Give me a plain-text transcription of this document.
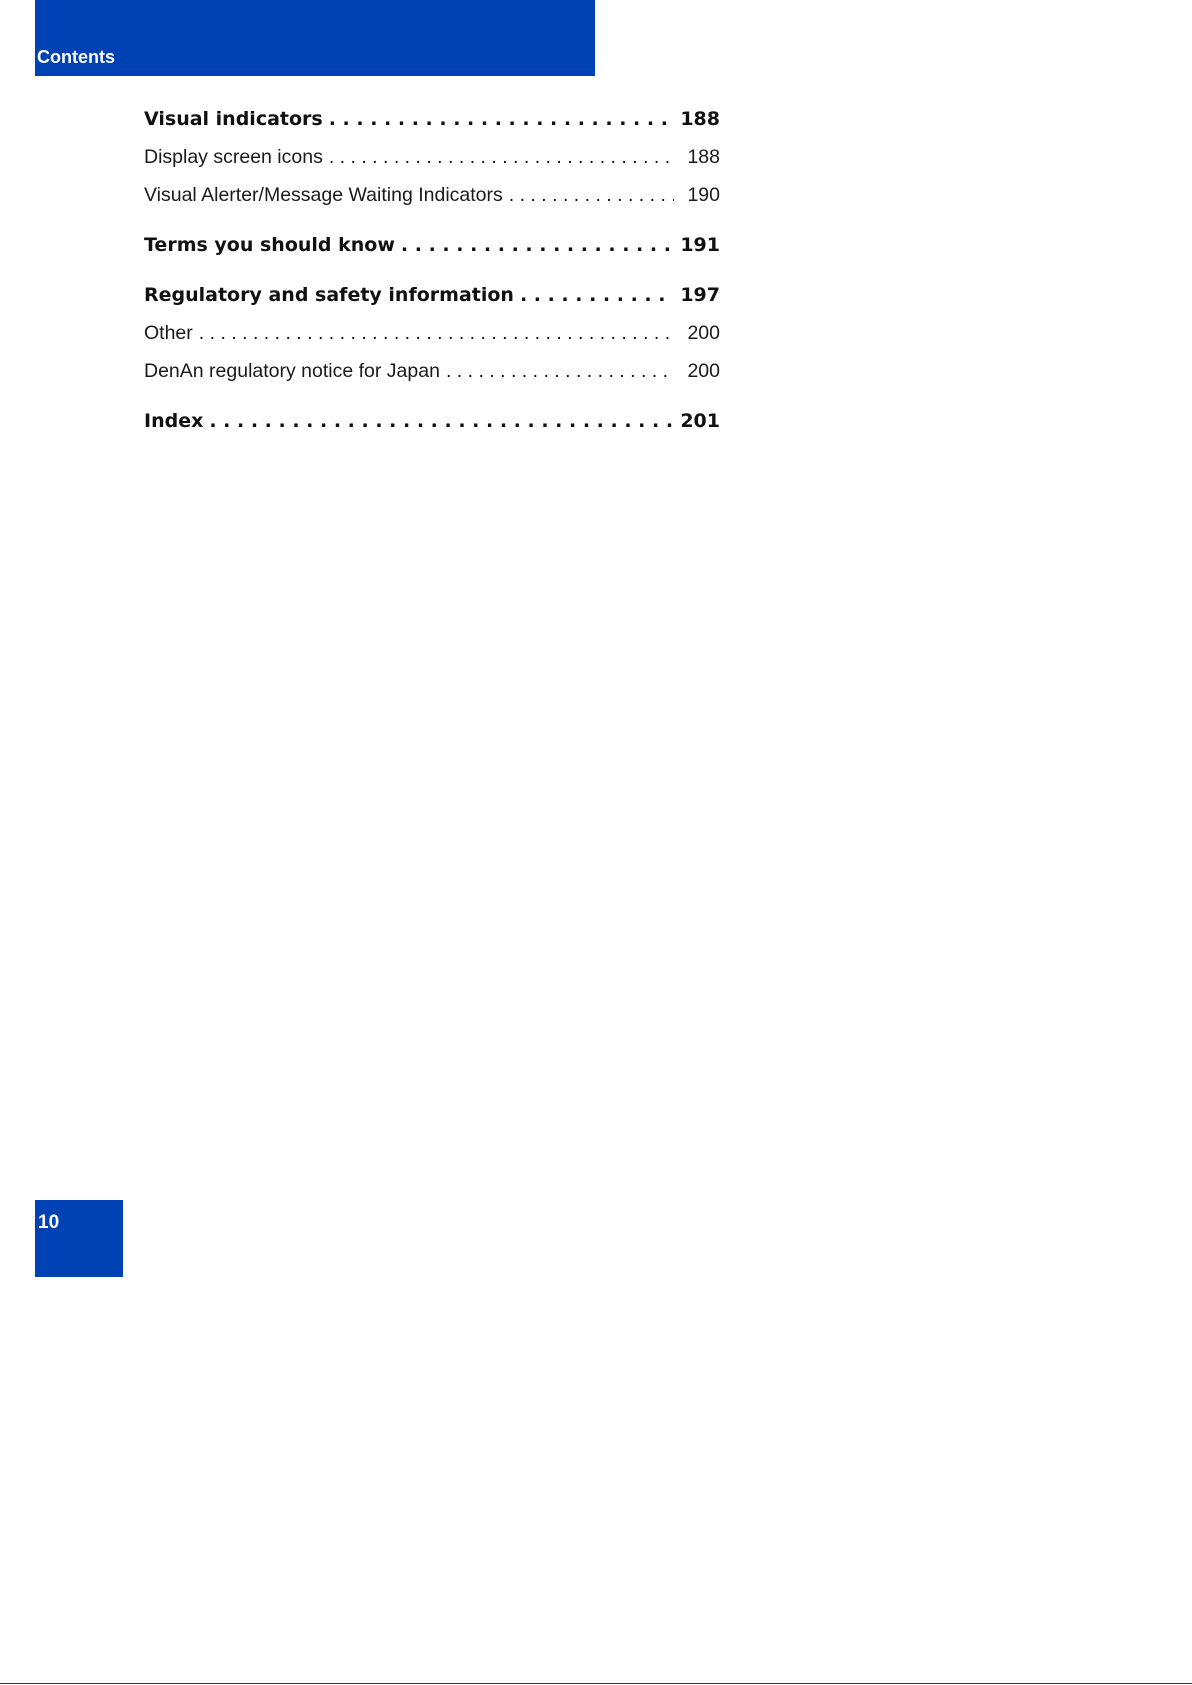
Contents
Visual indicators . . .	188
Display screen icons . . .	188
Visual Alerter/Message Waiting Indicators . . .	190
Terms you should know . . .	191
Regulatory and safety information . . .	197
Other . . .	200
DenAn regulatory notice for Japan . . .	200
Index . . .	201
10
